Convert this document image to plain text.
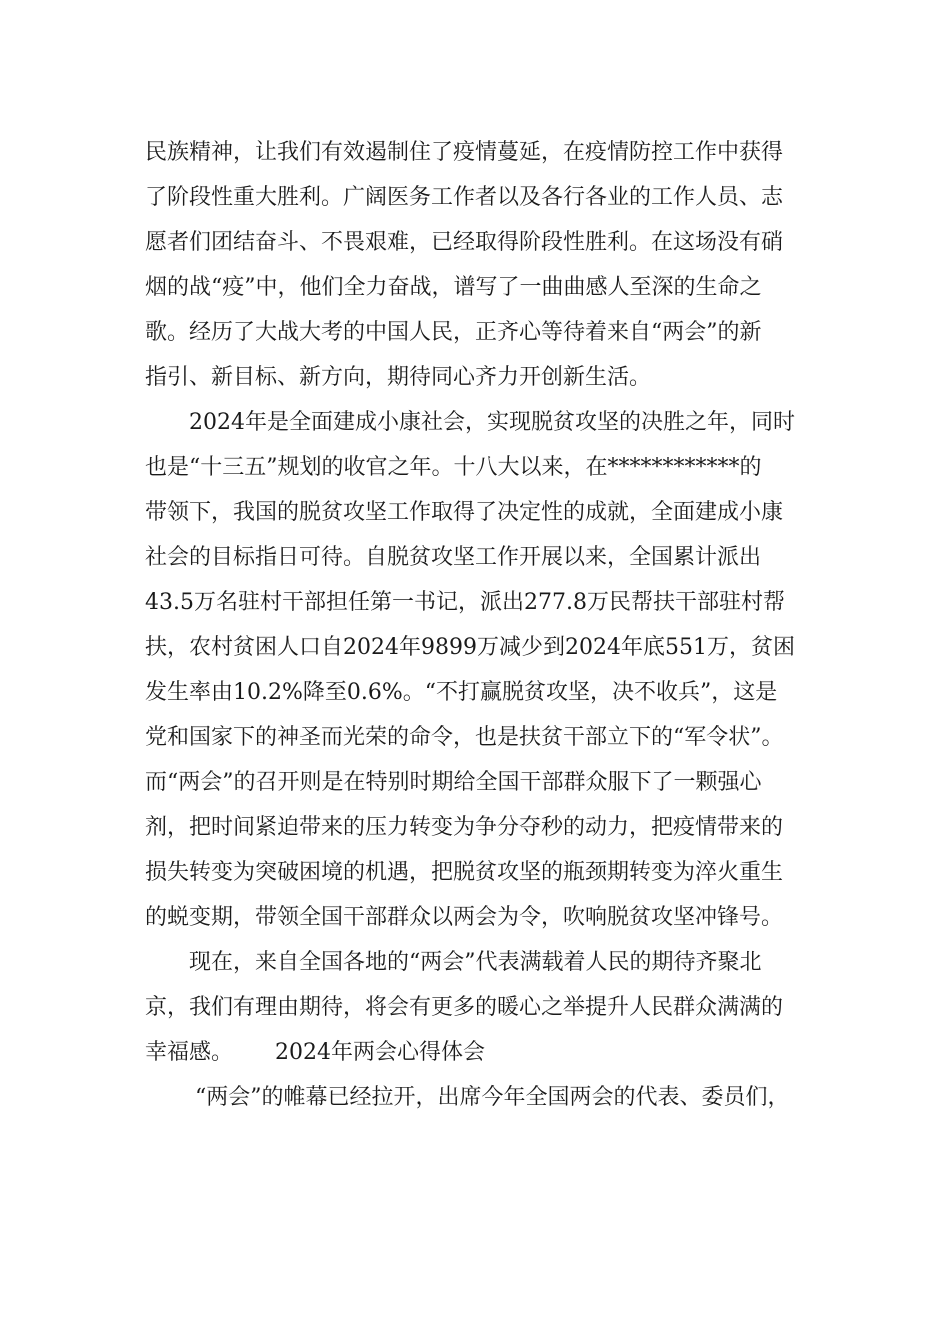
民族精神，让我们有效遏制住了疫情蔓延，在疫情防控工作中获得
了阶段性重大胜利。广阔医务工作者以及各行各业的工作人员、志
愿者们团结奋斗、不畏艰难，已经取得阶段性胜利。在这场没有硝
烟的战“疫”中，他们全力奋战，谱写了一曲曲感人至深的生命之
歌。经历了大战大考的中国人民，正齐心等待着来自“两会”的新
指引、新目标、新方向，期待同心齐力开创新生活。
2024年是全面建成小康社会，实现脱贫攻坚的决胜之年，同时
也是“十三五”规划的收官之年。十八大以来，在************的
带领下，我国的脱贫攻坚工作取得了决定性的成就，全面建成小康
社会的目标指日可待。自脱贫攻坚工作开展以来，全国累计派出
43.5万名驻村干部担任第一书记，派出277.8万民帮扶干部驻村帮
扶，农村贫困人口自2024年9899万减少到2024年底551万，贫困
发生率由10.2%降至0.6%。“不打赢脱贫攻坚，决不收兵”，这是
党和国家下的神圣而光荣的命令，也是扶贫干部立下的“军令状”。
而“两会”的召开则是在特别时期给全国干部群众服下了一颗强心
剂，把时间紧迫带来的压力转变为争分夺秒的动力，把疫情带来的
损失转变为突破困境的机遇，把脱贫攻坚的瓶颈期转变为淬火重生
的蜕变期，带领全国干部群众以两会为令，吹响脱贫攻坚冲锋号。
现在，来自全国各地的“两会”代表满载着人民的期待齐聚北
京，我们有理由期待，将会有更多的暖心之举提升人民群众满满的
幸福感。 2024年两会心得体会
“两会”的帷幕已经拉开，出席今年全国两会的代表、委员们，
